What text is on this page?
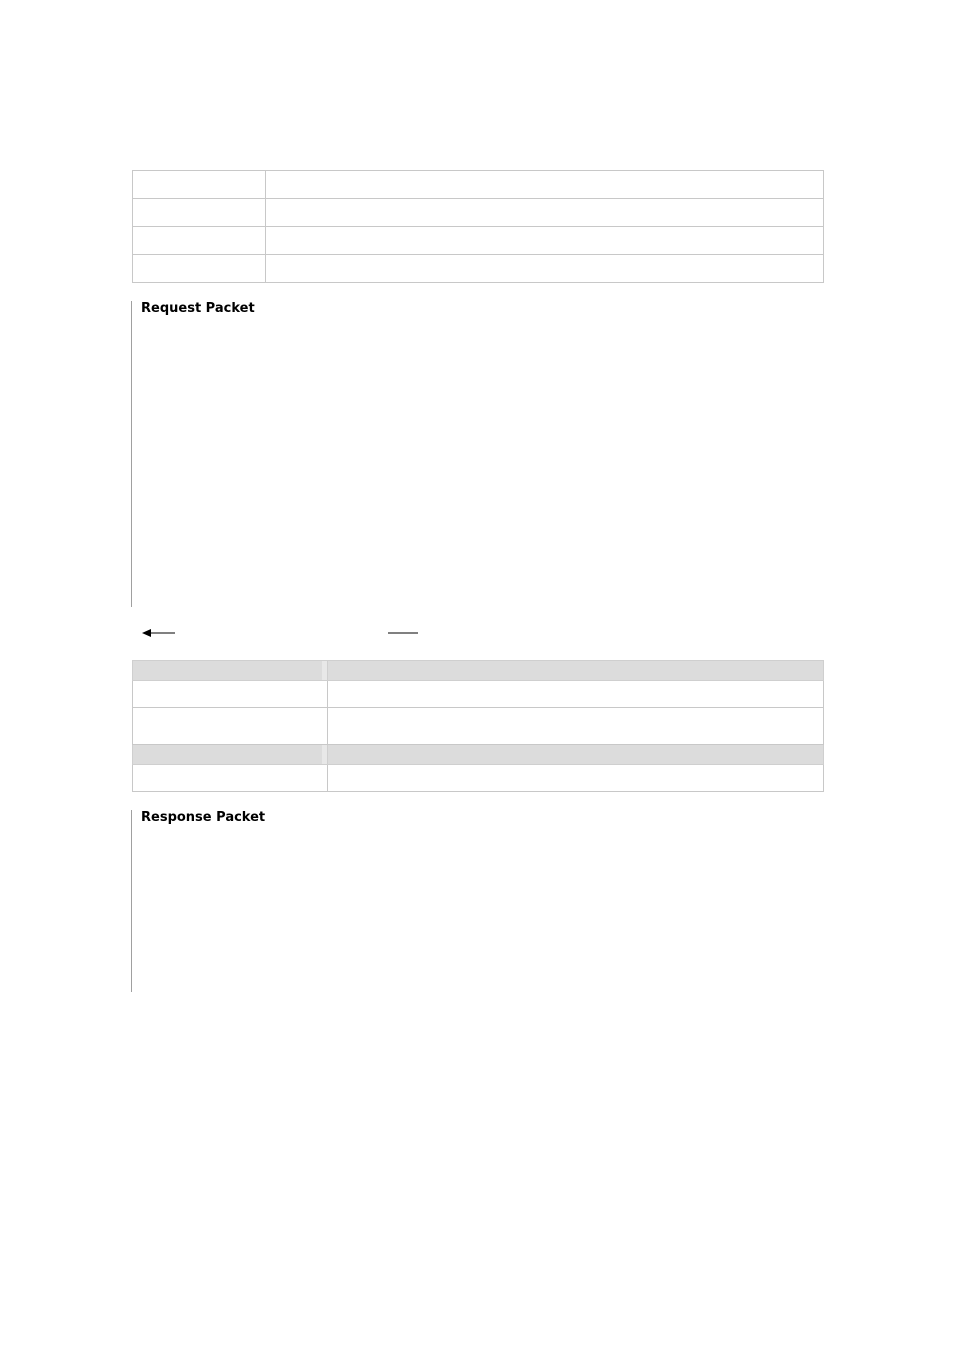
Request Packet

Response Packet
